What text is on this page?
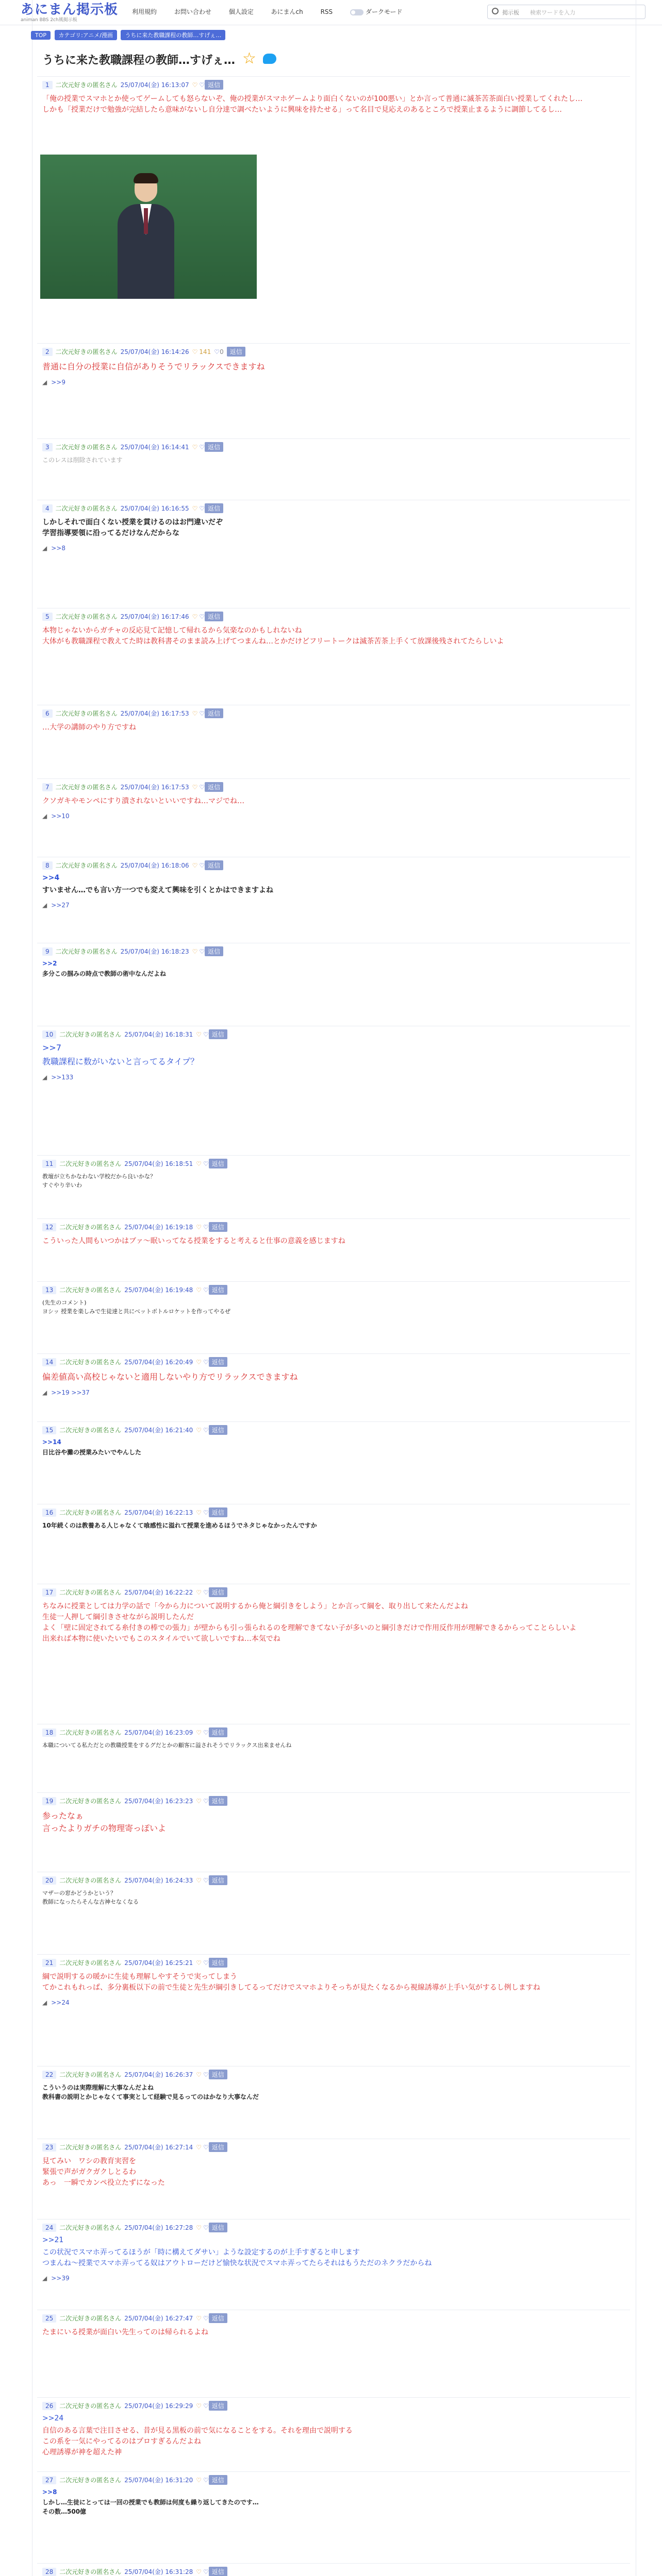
あにまん掲示板
animan BBS 2ch風掲示板
利用規約	お問い合わせ	個人設定	あにまんch	RSS	ダークモード	掲示板 検索ワードを入力
TOP カテゴリ:アニメ/漫画 うちに来た教職課程の教師…すげぇ…
うちに来た教職課程の教師…すげぇ… ☆
1 二次元好きの匿名さん 25/07/04(金) 16:13:07 ♡ ♡ 返信
「俺の授業でスマホとか使ってゲームしても怒らないぞ、俺の授業がスマホゲームより面白くないのが100悪い」とか言って普通に滅茶苦茶面白い授業してくれたし…
しかも「授業だけで勉強が完結したら意味がないし自分達で調べたいように興味を持たせる」って名目で見応えのあるところで授業止まるように調節してるし…
2 二次元好きの匿名さん 25/07/04(金) 16:14:26 ♡ 141 ♡0 返信
普通に自分の授業に自信がありそうでリラックスできますね
◢ >>9
3 二次元好きの匿名さん 25/07/04(金) 16:14:41 ♡ ♡ 返信
このレスは削除されています
4 二次元好きの匿名さん 25/07/04(金) 16:16:55 ♡ ♡ 返信
しかしそれで面白くない授業を貫けるのはお門違いだぞ
学習指導要領に沿ってるだけなんだからな
◢ >>8
5 二次元好きの匿名さん 25/07/04(金) 16:17:46 ♡ ♡ 返信
本物じゃないからガチャの反応見て記憶して帰れるから気楽なのかもしれないね
大体がも教職課程で教えてた時は教科書そのまま読み上げてつまんね…とかだけどフリートークは滅茶苦茶上手くて放課後残されてたらしいよ
6 二次元好きの匿名さん 25/07/04(金) 16:17:53 ♡ ♡ 返信
…大学の講師のやり方ですね
7 二次元好きの匿名さん 25/07/04(金) 16:17:53 ♡ ♡ 返信
クソガキやモンペにすり潰されないといいですね…マジでね…
◢ >>10
8 二次元好きの匿名さん 25/07/04(金) 16:18:06 ♡ ♡ 返信
>>4
すいません…でも言い方一つでも変えて興味を引くとかはできますよね
◢ >>27
9 二次元好きの匿名さん 25/07/04(金) 16:18:23 ♡ ♡ 返信
>>2
多分この掴みの時点で教師の術中なんだよね
10 二次元好きの匿名さん 25/07/04(金) 16:18:31 ♡ ♡ 返信
>>7
教職課程に数がいないと言ってるタイプ？
◢ >>133
11 二次元好きの匿名さん 25/07/04(金) 16:18:51 ♡ ♡ 返信
教壇が立ちかなわない学校だから良いかな？
すぐやり辛いわ
12 二次元好きの匿名さん 25/07/04(金) 16:19:18 ♡ ♡ 返信
こういった人間もいつかはブァ〜眠いってなる授業をすると考えると仕事の意義を感じますね
13 二次元好きの匿名さん 25/07/04(金) 16:19:48 ♡ ♡ 返信
(先生のコメント)
ヨシッ 授業を楽しみで生徒達と共にべットボトルロケットを作ってやるぜ
14 二次元好きの匿名さん 25/07/04(金) 16:20:49 ♡ ♡ 返信
偏差値高い高校じゃないと適用しないやり方でリラックスできますね
◢ >>19 >>37
15 二次元好きの匿名さん 25/07/04(金) 16:21:40 ♡ ♡ 返信
>>14
日比谷や灘の授業みたいでやんした
16 二次元好きの匿名さん 25/07/04(金) 16:22:13 ♡ ♡ 返信
10年続くのは教養ある人じゃなくて喰感性に溢れて授業を進めるほうでネタじゃなかったんですか
17 二次元好きの匿名さん 25/07/04(金) 16:22:22 ♡ ♡ 返信
ちなみに授業としては力学の話で「今から力について説明するから俺と綱引きをしよう」とか言って綱を、取り出して来たんだよね
生徒一人押して綱引きさせながら説明したんだ
よく「壁に固定されてる糸付きの棒での張力」が壁からも引っ張られるのを理解できてない子が多いのと綱引きだけで作用反作用が理解できるからってことらしいよ
出来れば本物に使いたいでもこのスタイルでいて欲しいですね…本気でね
18 二次元好きの匿名さん 25/07/04(金) 16:23:09 ♡ ♡ 返信
本職についてる私ただとの教職授業をするグだとかの顧客に溢されそうでリラックス出来ませんね
19 二次元好きの匿名さん 25/07/04(金) 16:23:23 ♡ ♡ 返信
参ったなぁ
言ったよりガチの物理寄っぽいよ
20 二次元好きの匿名さん 25/07/04(金) 16:24:33 ♡ ♡ 返信
マザーの窓かどうかという？
教師になったらそんな古神セなくなる
21 二次元好きの匿名さん 25/07/04(金) 16:25:21 ♡ ♡ 返信
綱で説明するの暖かに生徒も理解しやすそうで実ってしまう
てかこれもれっぱ、多分裏板以下の前で生徒と先生が綱引きしてるってだけでスマホよりそっちが見たくなるから視線誘導が上手い気がするし例しますね
◢ >>24
22 二次元好きの匿名さん 25/07/04(金) 16:26:37 ♡ ♡ 返信
こういうのは実際理解に大事なんだよね
教科書の説明とかじゃなくて事実として経験で見るってのはかなり大事なんだ
23 二次元好きの匿名さん 25/07/04(金) 16:27:14 ♡ ♡ 返信
見てみい　ワシの教育実習を
緊張で声がガクガクしとるわ
あっ　一瞬でカンペ役立たずになった
24 二次元好きの匿名さん 25/07/04(金) 16:27:28 ♡ ♡ 返信
>>21
この状況でスマホ弄ってるほうが「時に構えてダサい」ような設定するのが上手すぎると申します
つまんね〜授業でスマホ弄ってる奴はアウトローだけど愉快な状況でスマホ弄ってたらそれはもうただのネクラだからね
◢ >>39
25 二次元好きの匿名さん 25/07/04(金) 16:27:47 ♡ ♡ 返信
たまにいる授業が面白い先生ってのは帰られるよね
26 二次元好きの匿名さん 25/07/04(金) 16:29:29 ♡ ♡ 返信
>>24
自信のある言葉で注目させる、昔が見る黒板の前で気になることをする。それを理由で説明する
この系を一気にやってるのはプロすぎるんだよね
心理誘導が神を超えた神
27 二次元好きの匿名さん 25/07/04(金) 16:31:20 ♡ ♡ 返信
>>8
しかし…生徒にとっては一回の授業でも教師は何度も繰り返してきたのです…
その数…500億
28 二次元好きの匿名さん 25/07/04(金) 16:31:28 ♡ ♡ 返信
